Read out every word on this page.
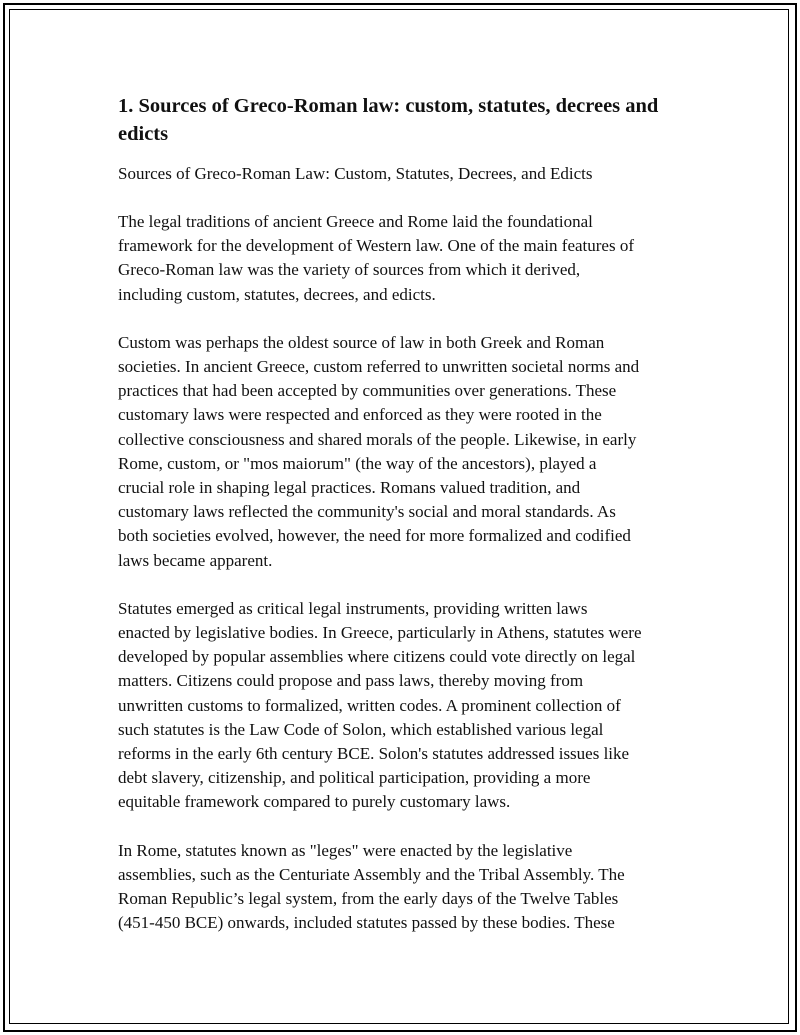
1. Sources of Greco-Roman law: custom, statutes, decrees and edicts

Sources of Greco-Roman Law: Custom, Statutes, Decrees, and Edicts

The legal traditions of ancient Greece and Rome laid the foundational
framework for the development of Western law. One of the main features of
Greco-Roman law was the variety of sources from which it derived,
including custom, statutes, decrees, and edicts.

Custom was perhaps the oldest source of law in both Greek and Roman
societies. In ancient Greece, custom referred to unwritten societal norms and
practices that had been accepted by communities over generations. These
customary laws were respected and enforced as they were rooted in the
collective consciousness and shared morals of the people. Likewise, in early
Rome, custom, or "mos maiorum" (the way of the ancestors), played a
crucial role in shaping legal practices. Romans valued tradition, and
customary laws reflected the community's social and moral standards. As
both societies evolved, however, the need for more formalized and codified
laws became apparent.

Statutes emerged as critical legal instruments, providing written laws
enacted by legislative bodies. In Greece, particularly in Athens, statutes were
developed by popular assemblies where citizens could vote directly on legal
matters. Citizens could propose and pass laws, thereby moving from
unwritten customs to formalized, written codes. A prominent collection of
such statutes is the Law Code of Solon, which established various legal
reforms in the early 6th century BCE. Solon's statutes addressed issues like
debt slavery, citizenship, and political participation, providing a more
equitable framework compared to purely customary laws.

In Rome, statutes known as "leges" were enacted by the legislative
assemblies, such as the Centuriate Assembly and the Tribal Assembly. The
Roman Republic’s legal system, from the early days of the Twelve Tables
(451-450 BCE) onwards, included statutes passed by these bodies. These
